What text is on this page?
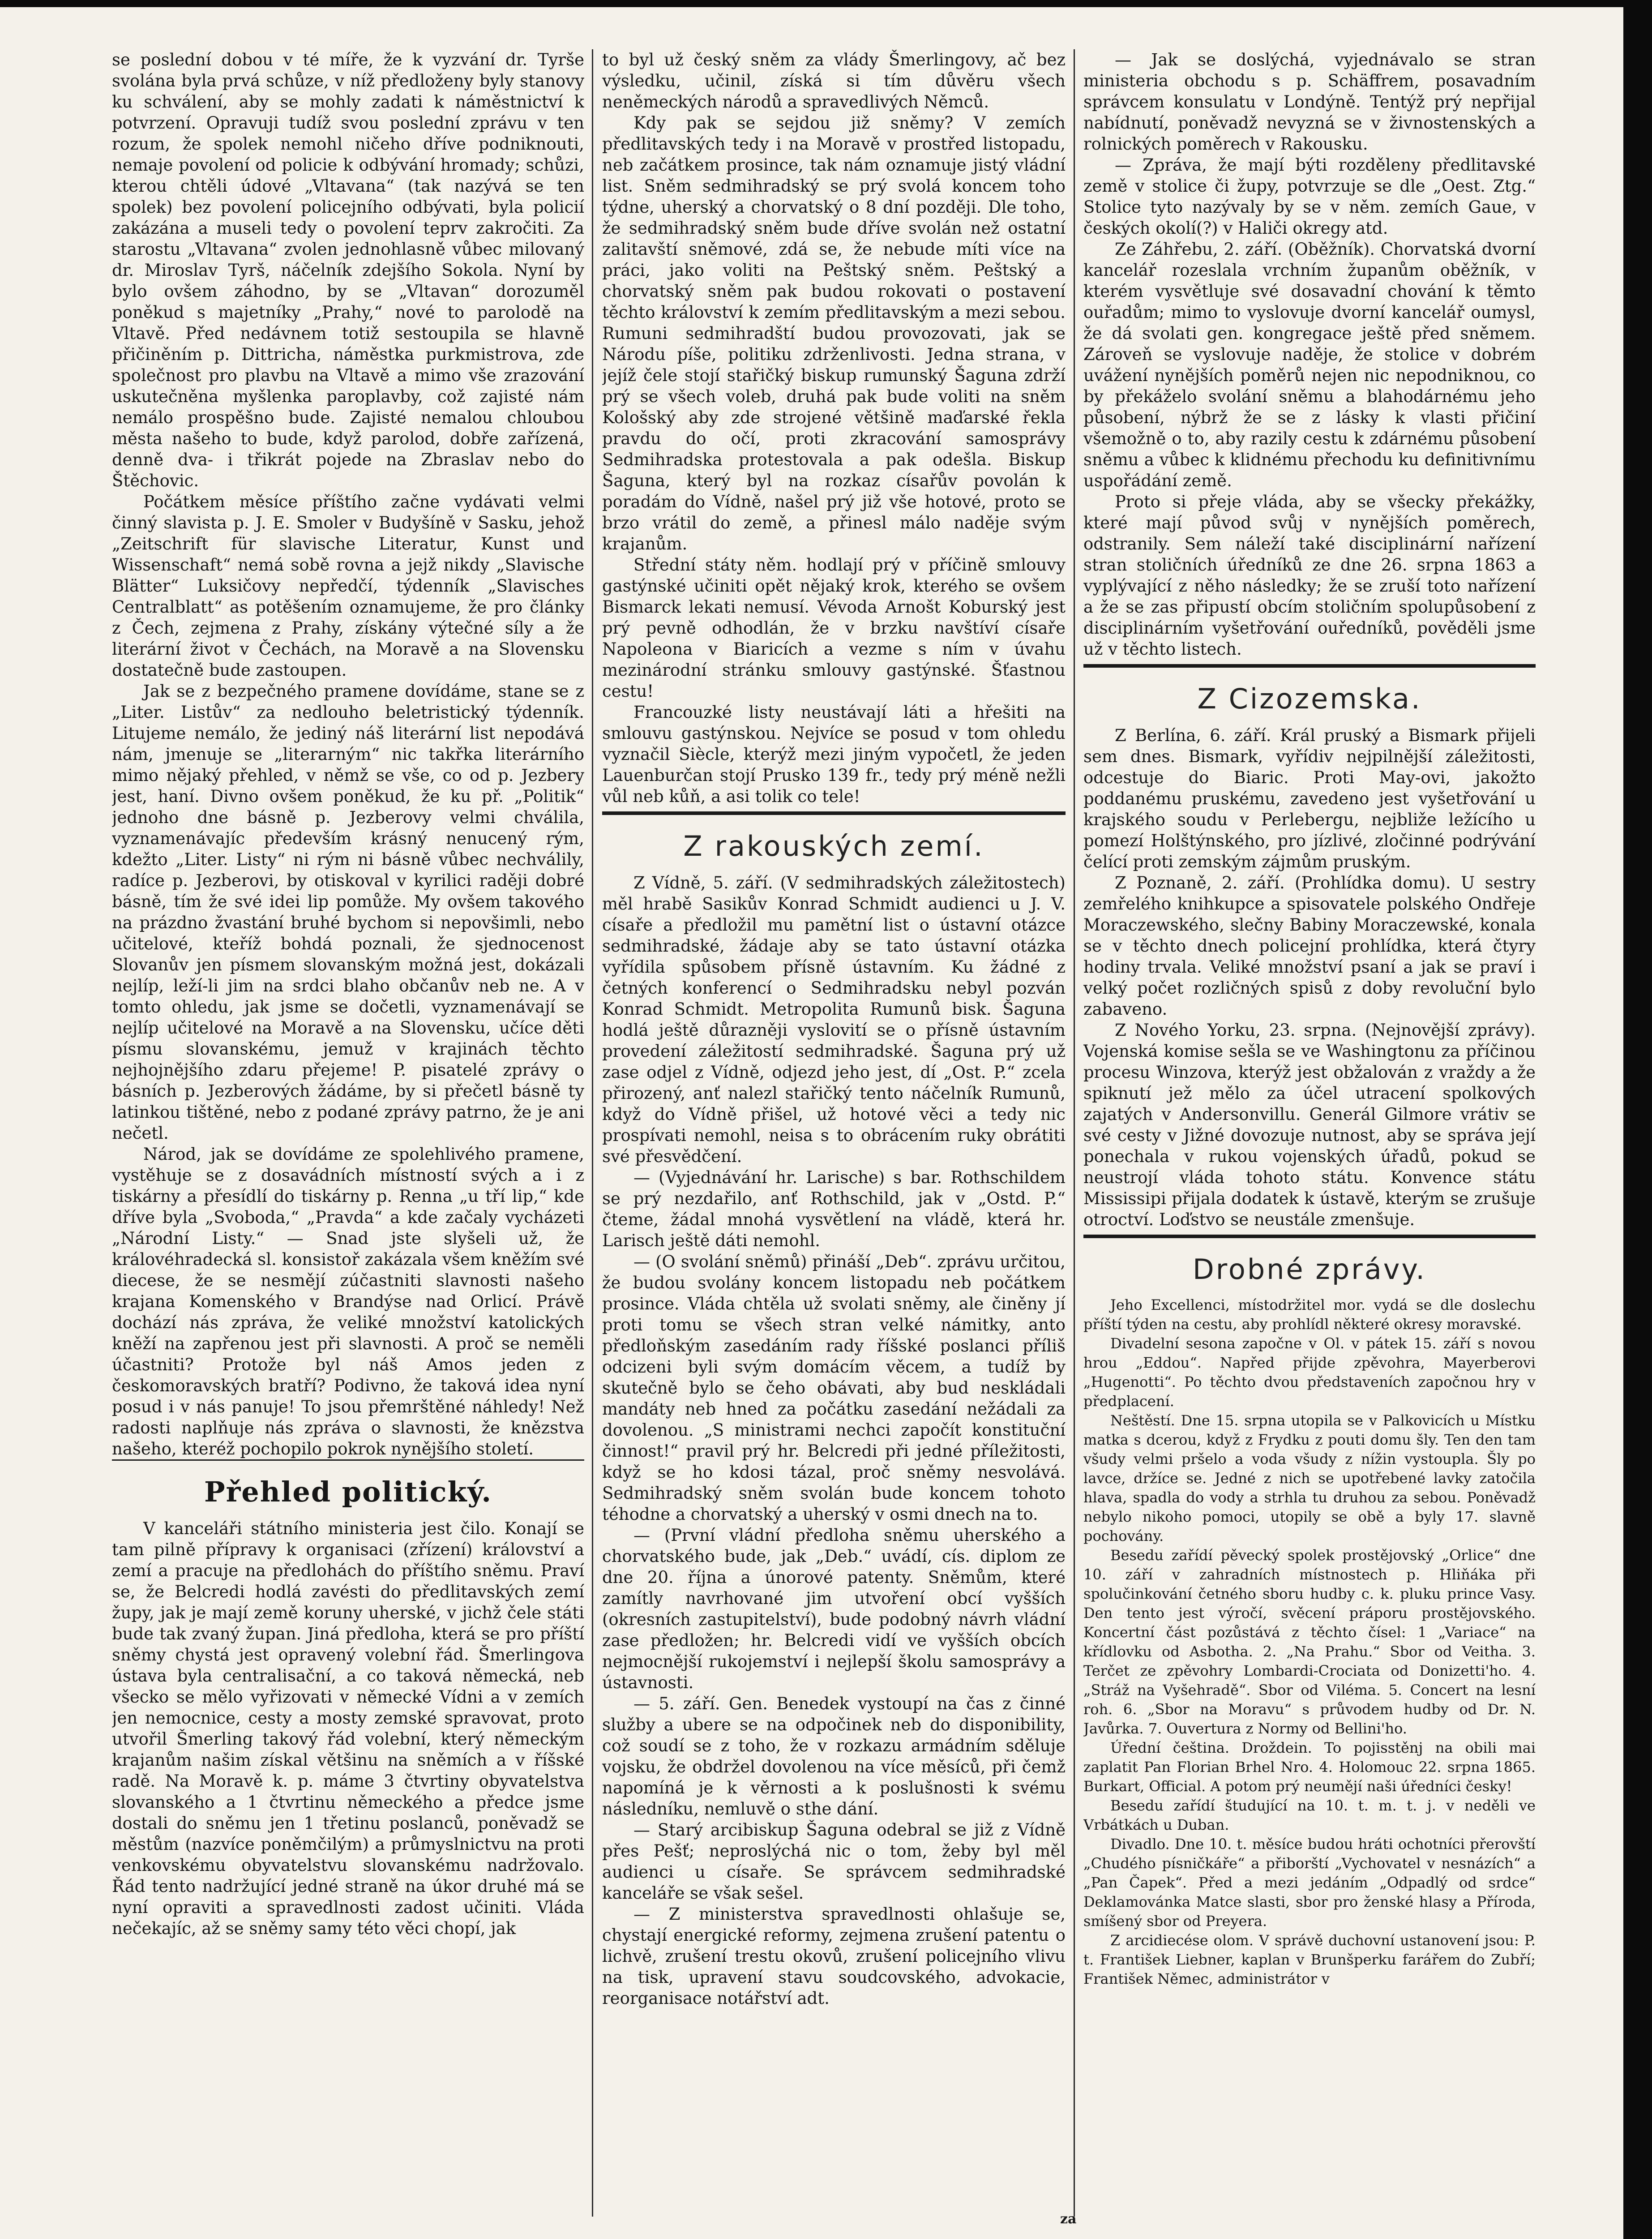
se poslední dobou v té míře, že k vyzvání dr. Tyrše svolána byla prvá schůze, v níž předloženy byly stanovy ku schválení, aby se mohly zadati k náměstnictví k potvrzení. Opravuji tudíž svou poslední zprávu v ten rozum, že spolek nemohl ničeho dříve podniknouti, nemaje povolení od policie k odbývání hromady; schůzi, kterou chtěli údové „Vltavana“ (tak nazývá se ten spolek) bez povolení policejního odbývati, byla policií zakázána a museli tedy o povolení teprv zakročiti. Za starostu „Vltavana“ zvolen jednohlasně vůbec milovaný dr. Miroslav Tyrš, náčelník zdejšího Sokola. Nyní by bylo ovšem záhodno, by se „Vltavan“ dorozuměl poněkud s majetníky „Prahy,“ nové to parolodě na Vltavě. Před nedávnem totiž sestoupila se hlavně přičiněním p. Dittricha, náměstka purkmistrova, zde společnost pro plavbu na Vltavě a mimo vše zrazování uskutečněna myšlenka paroplavby, což zajisté nám nemálo prospěšno bude. Zajisté nemalou chloubou města našeho to bude, když parolod, dobře zařízená, denně dva- i třikrát pojede na Zbraslav nebo do Štěchovic.

Počátkem měsíce příštího začne vydávati velmi činný slavista p. J. E. Smoler v Budyšíně v Sasku, jehož „Zeitschrift für slavische Literatur, Kunst und Wissenschaft“ nemá sobě rovna a jejž nikdy „Slavische Blätter“ Luksičovy nepředčí, týdenník „Slavisches Centralblatt“ as potěšením oznamujeme, že pro články z Čech, zejmena z Prahy, získány výtečné síly a že literární život v Čechách, na Moravě a na Slovensku dostatečně bude zastoupen.

Jak se z bezpečného pramene dovídáme, stane se z „Liter. Listův“ za nedlouho beletristický týdenník. Litujeme nemálo, že jediný náš literární list nepodává nám, jmenuje se „literarným“ nic takřka literárního mimo nějaký přehled, v němž se vše, co od p. Jezbery jest, haní. Divno ovšem poněkud, že ku př. „Politik“ jednoho dne básně p. Jezberovy velmi chválila, vyznamenávajíc především krásný nenucený rým, kdežto „Liter. Listy“ ni rým ni básně vůbec nechválily, radíce p. Jezberovi, by otiskoval v kyrilici raději dobré básně, tím že své idei lip pomůže. My ovšem takového na prázdno žvastání bruhé bychom si nepovšimli, nebo učitelové, kteříž bohdá poznali, že sjednocenost Slovanův jen písmem slovanským možná jest, dokázali nejlíp, leží-li jim na srdci blaho občanův neb ne. A v tomto ohledu, jak jsme se dočetli, vyznamenávají se nejlíp učitelové na Moravě a na Slovensku, učíce děti písmu slovanskému, jemuž v krajinách těchto nejhojnějšího zdaru přejeme! P. pisatelé zprávy o básních p. Jezberových žádáme, by si přečetl básně ty latinkou tištěné, nebo z podané zprávy patrno, že je ani nečetl.

Národ, jak se dovídáme ze spolehlivého pramene, vystěhuje se z dosavádních místností svých a i z tiskárny a přesídlí do tiskárny p. Renna „u tří lip,“ kde dříve byla „Svoboda,“ „Pravda“ a kde začaly vycházeti „Národní Listy.“ — Snad jste slyšeli už, že královéhradecká sl. konsistoř zakázala všem kněžím své diecese, že se nesmějí zúčastniti slavnosti našeho krajana Komenského v Brandýse nad Orlicí. Právě dochází nás zpráva, že veliké množství katolických kněží na zapřenou jest při slavnosti. A proč se neměli účastniti? Protože byl náš Amos jeden z českomoravských bratří? Podivno, že taková idea nyní posud i v nás panuje! To jsou přemrštěné náhledy! Než radosti naplňuje nás zpráva o slavnosti, že knězstva našeho, kteréž pochopilo pokrok nynějšího století.

Přehled politický.

V kanceláři státního ministeria jest čilo. Konají se tam pilně přípravy k organisaci (zřízení) království a zemí a pracuje na předlohách do příštího sněmu. Praví se, že Belcredi hodlá zavésti do předlitavských zemí župy, jak je mají země koruny uherské, v jichž čele státi bude tak zvaný župan. Jiná předloha, která se pro příští sněmy chystá jest opravený volební řád. Šmerlingova ústava byla centralisační, a co taková německá, neb všecko se mělo vyřizovati v německé Vídni a v zemích jen nemocnice, cesty a mosty zemské spravovat, proto utvořil Šmerling takový řád volební, který německým krajanům našim získal většinu na sněmích a v říšské radě. Na Moravě k. p. máme 3 čtvrtiny obyvatelstva slovanského a 1 čtvrtinu německého a předce jsme dostali do sněmu jen 1 třetinu poslanců, poněvadž se městům (nazvíce poněmčilým) a průmyslnictvu na proti venkovskému obyvatelstvu slovanskému nadržovalo. Řád tento nadržující jedné straně na úkor druhé má se nyní opraviti a spravedlnosti zadost učiniti. Vláda nečekajíc, až se sněmy samy této věci chopí, jak

to byl už český sněm za vlády Šmerlingovy, ač bez výsledku, učinil, získá si tím důvěru všech neněmeckých národů a spravedlivých Němců.

Kdy pak se sejdou již sněmy? V zemích předlitavských tedy i na Moravě v prostřed listopadu, neb začátkem prosince, tak nám oznamuje jistý vládní list. Sněm sedmihradský se prý svolá koncem toho týdne, uherský a chorvatský o 8 dní později. Dle toho, že sedmihradský sněm bude dříve svolán než ostatní zalitavští sněmové, zdá se, že nebude míti více na práci, jako voliti na Peštský sněm. Peštský a chorvatský sněm pak budou rokovati o postavení těchto království k zemím předlitavským a mezi sebou. Rumuni sedmihradští budou provozovati, jak se Národu píše, politiku zdrženlivosti. Jedna strana, v jejíž čele stojí stařičký biskup rumunský Šaguna zdrží prý se všech voleb, druhá pak bude voliti na sněm Kološský aby zde strojené většině maďarské řekla pravdu do očí, proti zkracování samosprávy Sedmihradska protestovala a pak odešla. Biskup Šaguna, který byl na rozkaz císařův povolán k poradám do Vídně, našel prý již vše hotové, proto se brzo vrátil do země, a přinesl málo naděje svým krajanům.

Střední státy něm. hodlají prý v příčině smlouvy gastýnské učiniti opět nějaký krok, kterého se ovšem Bismarck lekati nemusí. Vévoda Arnošt Koburský jest prý pevně odhodlán, že v brzku navštíví císaře Napoleona v Biaricích a vezme s ním v úvahu mezinárodní stránku smlouvy gastýnské. Šťastnou cestu!

Francouzké listy neustávají láti a hřešiti na smlouvu gastýnskou. Nejvíce se posud v tom ohledu vyznačil Siècle, kterýž mezi jiným vypočetl, že jeden Lauenburčan stojí Prusko 139 fr., tedy prý méně nežli vůl neb kůň, a asi tolik co tele!

Z rakouských zemí.

Z Vídně, 5. září. (V sedmihradských záležitostech) měl hrabě Sasikův Konrad Schmidt audienci u J. V. císaře a předložil mu pamětní list o ústavní otázce sedmihradské, žádaje aby se tato ústavní otázka vyřídila spůsobem přísně ústavním. Ku žádné z četných konferencí o Sedmihradsku nebyl pozván Konrad Schmidt. Metropolita Rumunů bisk. Šaguna hodlá ještě důrazněji vyslovití se o přísně ústavním provedení záležitostí sedmihradské. Šaguna prý už zase odjel z Vídně, odjezd jeho jest, dí „Ost. P.“ zcela přirozený, anť nalezl stařičký tento náčelník Rumunů, když do Vídně přišel, už hotové věci a tedy nic prospívati nemohl, neisa s to obrácením ruky obrátiti své přesvědčení.

— (Vyjednávání hr. Larische) s bar. Rothschildem se prý nezdařilo, anť Rothschild, jak v „Ostd. P.“ čteme, žádal mnohá vysvětlení na vládě, která hr. Larisch ještě dáti nemohl.

— (O svolání sněmů) přináší „Deb“. zprávu určitou, že budou svolány koncem listopadu neb počátkem prosince. Vláda chtěla už svolati sněmy, ale činěny jí proti tomu se všech stran velké námitky, anto předloňským zasedáním rady říšské poslanci příliš odcizeni byli svým domácím věcem, a tudíž by skutečně bylo se čeho obávati, aby bud neskládali mandáty neb hned za počátku zasedání nežádali za dovolenou. „S ministrami nechci započít konstituční činnost!“ pravil prý hr. Belcredi při jedné příležitosti, když se ho kdosi tázal, proč sněmy nesvolává. Sedmihradský sněm svolán bude koncem tohoto téhodne a chorvatský a uherský v osmi dnech na to.

— (První vládní předloha sněmu uherského a chorvatského bude, jak „Deb.“ uvádí, cís. diplom ze dne 20. října a únorové patenty. Sněmům, které zamítly navrhované jim utvoření obcí vyšších (okresních zastupitelství), bude podobný návrh vládní zase předložen; hr. Belcredi vidí ve vyšších obcích nejmocnější rukojemství i nejlepší školu samosprávy a ústavnosti.

— 5. září. Gen. Benedek vystoupí na čas z činné služby a ubere se na odpočinek neb do disponibility, což soudí se z toho, že v rozkazu armádním sděluje vojsku, že obdržel dovolenou na více měsíců, při čemž napomíná je k věrnosti a k poslušnosti k svému následníku, nemluvě o sthe dání.

— Starý arcibiskup Šaguna odebral se již z Vídně přes Pešť; neproslýchá nic o tom, žeby byl měl audienci u císaře. Se správcem sedmihradské kanceláře se však sešel.

— Z ministerstva spravedlnosti ohlašuje se, chystají energické reformy, zejmena zrušení patentu o lichvě, zrušení trestu okovů, zrušení policejního vlivu na tisk, upravení stavu soudcovského, advokacie, reorganisace notářství adt.

— Jak se doslýchá, vyjednávalo se stran ministeria obchodu s p. Schäffrem, posavadním správcem konsulatu v Londýně. Tentýž prý nepřijal nabídnutí, poněvadž nevyzná se v živnostenských a rolnických poměrech v Rakousku.

— Zpráva, že mají býti rozděleny předlitavské země v stolice či župy, potvrzuje se dle „Oest. Ztg.“ Stolice tyto nazývaly by se v něm. zemích Gaue, v českých okolí(?) v Haliči okregy atd.

Ze Záhřebu, 2. září. (Oběžník). Chorvatská dvorní kancelář rozeslala vrchním županům oběžník, v kterém vysvětluje své dosavadní chování k těmto ouřadům; mimo to vyslovuje dvorní kancelář oumysl, že dá svolati gen. kongregace ještě před sněmem. Zároveň se vyslovuje naděje, že stolice v dobrém uvážení nynějších poměrů nejen nic nepodniknou, co by překáželo svolání sněmu a blahodárnému jeho působení, nýbrž že se z lásky k vlasti přičiní všemožně o to, aby razily cestu k zdárnému působení sněmu a vůbec k klidnému přechodu ku definitivnímu uspořádání země.

Proto si přeje vláda, aby se všecky překážky, které mají původ svůj v nynějších poměrech, odstranily. Sem náleží také disciplinární nařízení stran stoličních úředníků ze dne 26. srpna 1863 a vyplývající z něho následky; že se zruší toto nařízení a že se zas připustí obcím stoličním spolupůsobení z disciplinárním vyšetřování ouředníků, pověděli jsme už v těchto listech.

Z Cizozemska.

Z Berlína, 6. září. Král pruský a Bismark přijeli sem dnes. Bismark, vyřídiv nejpilnější záležitosti, odcestuje do Biaric. Proti May-ovi, jakožto poddanému pruskému, zavedeno jest vyšetřování u krajského soudu v Perlebergu, nejbliže ležícího u pomezí Holštýnského, pro jízlivé, zločinné podrývání čelící proti zemským zájmům pruským.

Z Poznaně, 2. září. (Prohlídka domu). U sestry zemřelého knihkupce a spisovatele polského Ondřeje Moraczewského, slečny Babiny Moraczewské, konala se v těchto dnech policejní prohlídka, která čtyry hodiny trvala. Veliké množství psaní a jak se praví i velký počet rozličných spisů z doby revoluční bylo zabaveno.

Z Nového Yorku, 23. srpna. (Nejnovější zprávy). Vojenská komise sešla se ve Washingtonu za příčinou procesu Winzova, kterýž jest obžalován z vraždy a že spiknutí jež mělo za účel utracení spolkových zajatých v Andersonvillu. Generál Gilmore vrátiv se své cesty v Jižné dovozuje nutnost, aby se správa její ponechala v rukou vojenských úřadů, pokud se neustrojí vláda tohoto státu. Konvence státu Mississipi přijala dodatek k ústavě, kterým se zrušuje otroctví. Loďstvo se neustále zmenšuje.

Drobné zprávy.

Jeho Excellenci, místodržitel mor. vydá se dle doslechu příští týden na cestu, aby prohlídl některé okresy moravské.

Divadelní sesona započne v Ol. v pátek 15. září s novou hrou „Eddou“. Napřed přijde zpěvohra, Mayerberovi „Hugenotti“. Po těchto dvou představeních započnou hry v předplacení.

Neštěstí. Dne 15. srpna utopila se v Palkovicích u Místku matka s dcerou, když z Frydku z pouti domu šly. Ten den tam všudy velmi pršelo a voda všudy z nížin vystoupla. Šly po lavce, držíce se. Jedné z nich se upotřebené lavky zatočila hlava, spadla do vody a strhla tu druhou za sebou. Poněvadž nebylo nikoho pomoci, utopily se obě a byly 17. slavně pochovány.

Besedu zařídí pěvecký spolek prostějovský „Orlice“ dne 10. září v zahradních místnostech p. Hliňáka při spolučinkování četného sboru hudby c. k. pluku prince Vasy. Den tento jest výročí, svěcení práporu prostějovského. Koncertní část pozůstává z těchto čísel: 1 „Variace“ na křídlovku od Asbotha. 2. „Na Prahu.“ Sbor od Veitha. 3. Terčet ze zpěvohry Lombardi-Crociata od Donizetti'ho. 4. „Stráž na Vyšehradě“. Sbor od Viléma. 5. Concert na lesní roh. 6. „Sbor na Moravu“ s průvodem hudby od Dr. N. Javůrka. 7. Ouvertura z Normy od Bellini'ho.

Úřední čeština. Droždein. To pojisstěnj na obili mai zaplatit Pan Florian Brhel Nro. 4. Holomouc 22. srpna 1865. Burkart, Official. A potom prý neumějí naši úředníci česky!

Besedu zařídí študující na 10. t. m. t. j. v neděli ve Vrbátkách u Duban.

Divadlo. Dne 10. t. měsíce budou hráti ochotníci přerovští „Chudého písničkáře“ a přiborští „Vychovatel v nesnázích“ a „Pan Čapek“. Před a mezi jedáním „Odpadlý od srdce“ Deklamovánka Matce slasti, sbor pro ženské hlasy a Příroda, smíšený sbor od Preyera.

Z arcidiecése olom. V správě duchovní ustanovení jsou: P. t. František Liebner, kaplan v Brunšperku farářem do Zubří; František Němec, administrátor v

za
